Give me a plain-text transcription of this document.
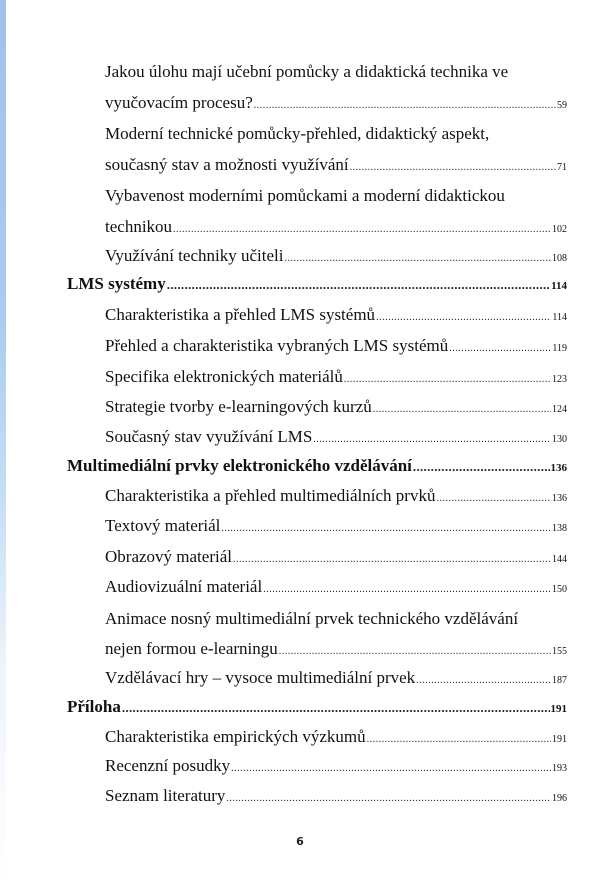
Jakou úlohu mají učební pomůcky a didaktická technika ve
vyučovacím procesu? .....	59
Moderní technické pomůcky-přehled, didaktický aspekt,
současný stav a možnosti využívání .....	71
Vybavenost moderními pomůckami a moderní didaktickou
technikou .....	102
Využívání techniky učiteli .....	108
LMS systémy .....	114
Charakteristika a přehled LMS systémů .....	114
Přehled a charakteristika vybraných LMS systémů .....	119
Specifika elektronických materiálů .....	123
Strategie tvorby e-learningových kurzů .....	124
Současný stav využívání LMS .....	130
Multimediální prvky elektronického vzdělávání .....	136
Charakteristika a přehled multimediálních prvků .....	136
Textový materiál .....	138
Obrazový materiál .....	144
Audiovizuální materiál .....	150
Animace nosný multimediální prvek technického vzdělávání
nejen formou e-learningu .....	155
Vzdělávací hry – vysoce multimediální prvek .....	187
Příloha .....	191
Charakteristika empirických výzkumů .....	191
Recenzní posudky .....	193
Seznam literatury .....	196
6
